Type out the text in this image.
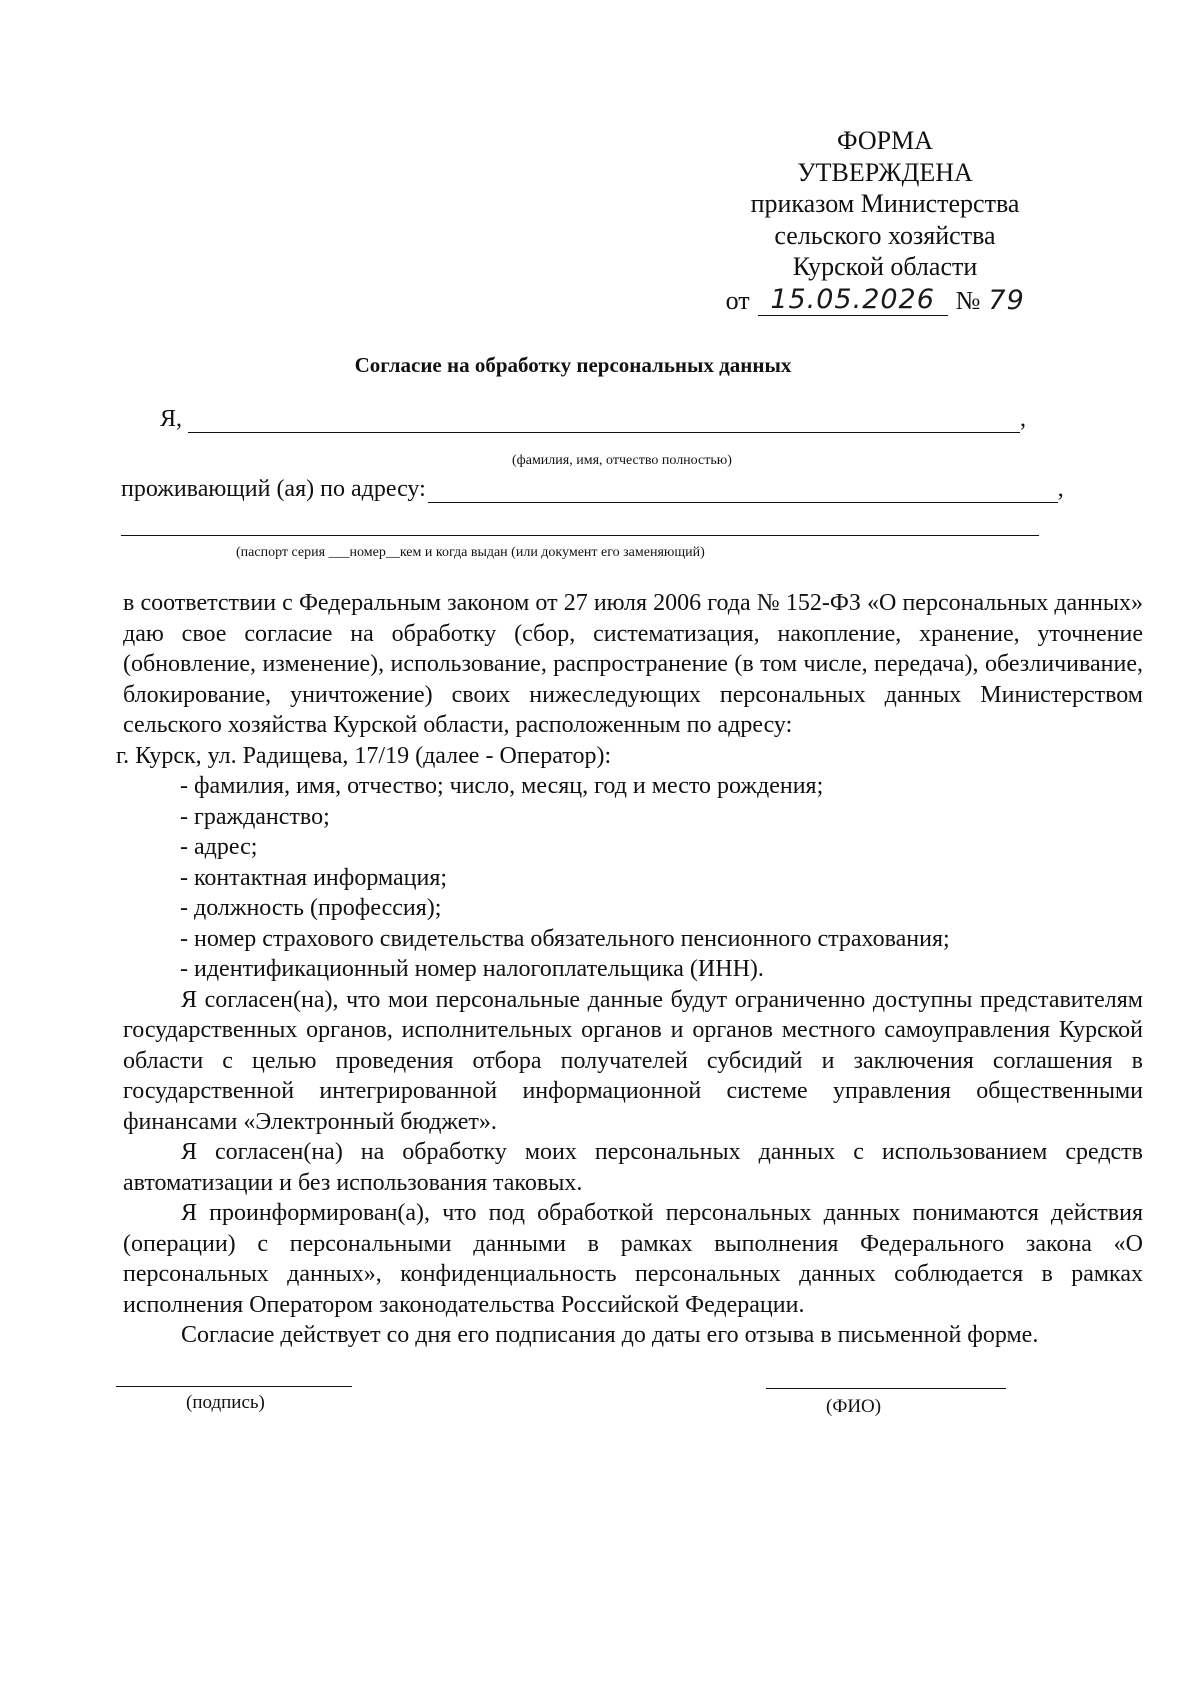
ФОРМА
УТВЕРЖДЕНА
приказом Министерства
сельского хозяйства
Курской области
от 15.05.2026 № 79
Согласие на обработку персональных данных
Я,	,
(фамилия, имя, отчество полностью)
проживающий (ая) по адресу:	,
(паспорт серия ___номер__кем и когда выдан (или документ его заменяющий)

в соответствии с Федеральным законом от 27 июля 2006 года № 152-ФЗ «О персональных данных» даю свое согласие на обработку (сбор, систематизация, накопление, хранение, уточнение (обновление, изменение), использование, распространение (в том числе, передача), обезличивание, блокирование, уничтожение) своих нижеследующих персональных данных Министерством сельского хозяйства Курской области, расположенным по адресу:

г. Курск, ул. Радищева, 17/19 (далее - Оператор):

- фамилия, имя, отчество; число, месяц, год и место рождения;
- гражданство;
- адрес;
- контактная информация;
- должность (профессия);
- номер страхового свидетельства обязательного пенсионного страхования;
- идентификационный номер налогоплательщика (ИНН).

Я согласен(на), что мои персональные данные будут ограниченно доступны представителям государственных органов, исполнительных органов и органов местного самоуправления Курской области с целью проведения отбора получателей субсидий и заключения соглашения в государственной интегрированной информационной системе управления общественными финансами «Электронный бюджет».

Я согласен(на) на обработку моих персональных данных с использованием средств автоматизации и без использования таковых.

Я проинформирован(а), что под обработкой персональных данных понимаются действия (операции) с персональными данными в рамках выполнения Федерального закона «О персональных данных», конфиденциальность персональных данных соблюдается в рамках исполнения Оператором законодательства Российской Федерации.

Согласие действует со дня его подписания до даты его отзыва в письменной форме.

(подпись)	(ФИО)
